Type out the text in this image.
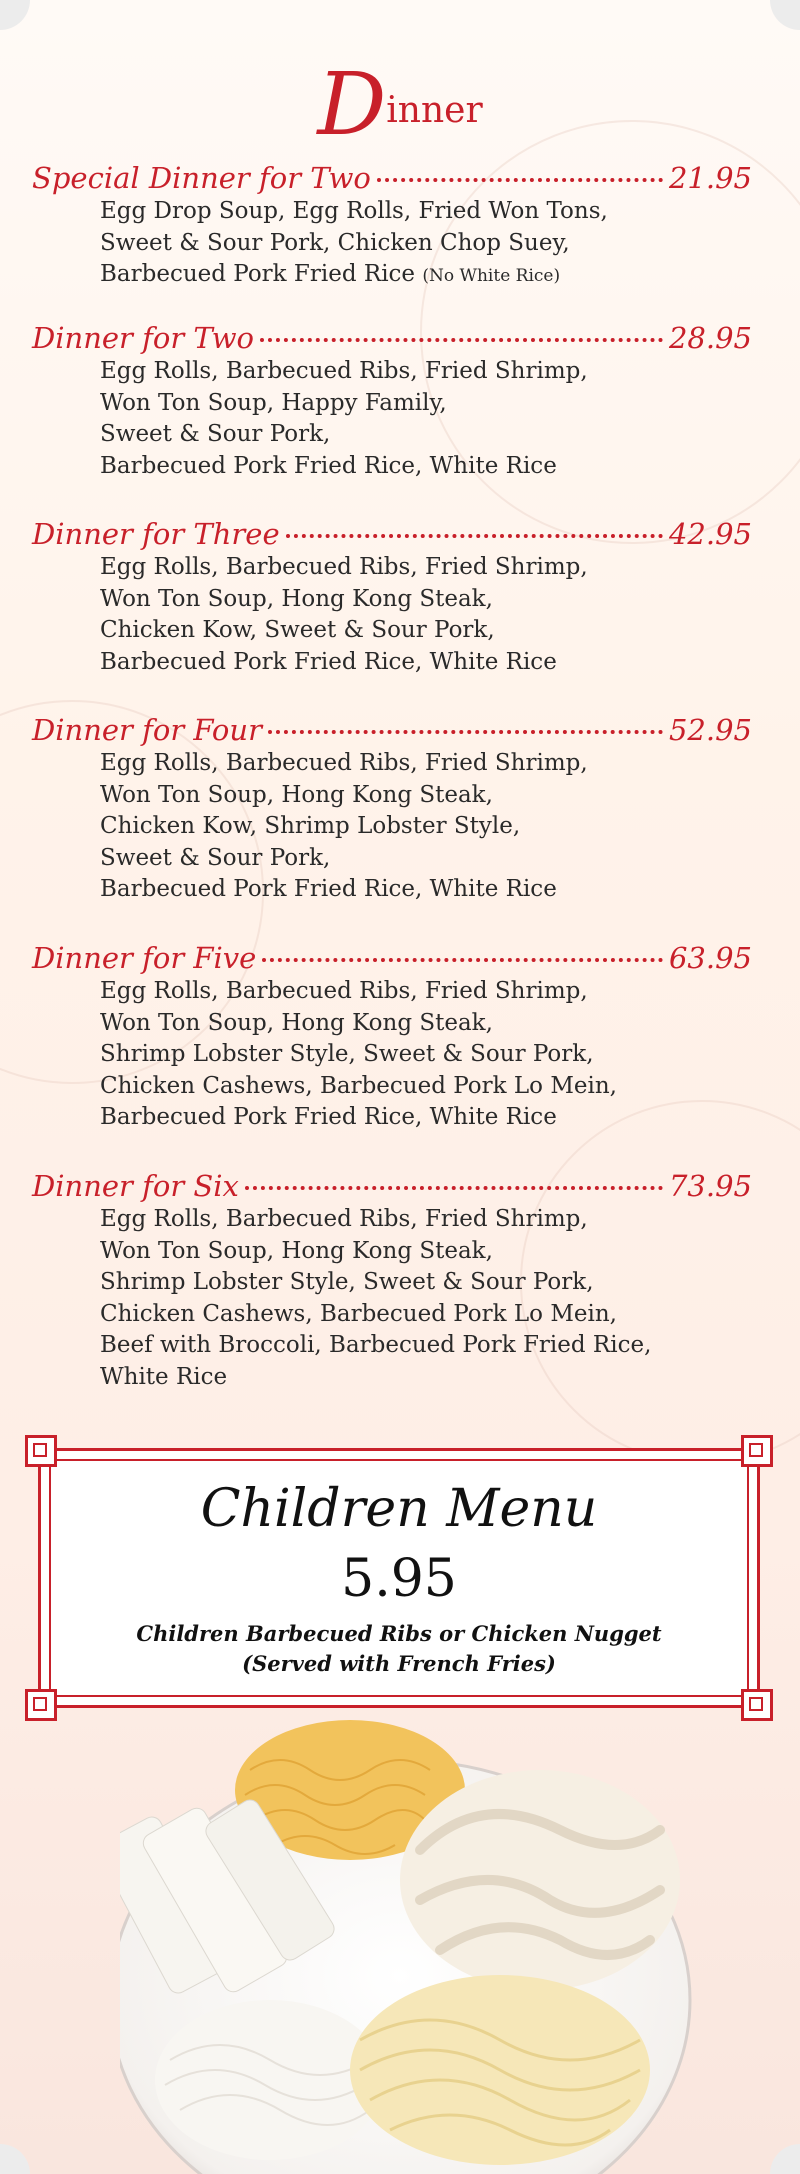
Dinner
Special Dinner for Two	21.95
Egg Drop Soup, Egg Rolls, Fried Won Tons,
Sweet & Sour Pork, Chicken Chop Suey,
Barbecued Pork Fried Rice (No White Rice)
Dinner for Two	28.95
Egg Rolls, Barbecued Ribs, Fried Shrimp,
Won Ton Soup, Happy Family,
Sweet & Sour Pork,
Barbecued Pork Fried Rice, White Rice
Dinner for Three	42.95
Egg Rolls, Barbecued Ribs, Fried Shrimp,
Won Ton Soup, Hong Kong Steak,
Chicken Kow, Sweet & Sour Pork,
Barbecued Pork Fried Rice, White Rice
Dinner for Four	52.95
Egg Rolls, Barbecued Ribs, Fried Shrimp,
Won Ton Soup, Hong Kong Steak,
Chicken Kow, Shrimp Lobster Style,
Sweet & Sour Pork,
Barbecued Pork Fried Rice, White Rice
Dinner for Five	63.95
Egg Rolls, Barbecued Ribs, Fried Shrimp,
Won Ton Soup, Hong Kong Steak,
Shrimp Lobster Style, Sweet & Sour Pork,
Chicken Cashews, Barbecued Pork Lo Mein,
Barbecued Pork Fried Rice, White Rice
Dinner for Six	73.95
Egg Rolls, Barbecued Ribs, Fried Shrimp,
Won Ton Soup, Hong Kong Steak,
Shrimp Lobster Style, Sweet & Sour Pork,
Chicken Cashews, Barbecued Pork Lo Mein,
Beef with Broccoli, Barbecued Pork Fried Rice,
White Rice
Children Menu
5.95
Children Barbecued Ribs or Chicken Nugget
(Served with French Fries)
